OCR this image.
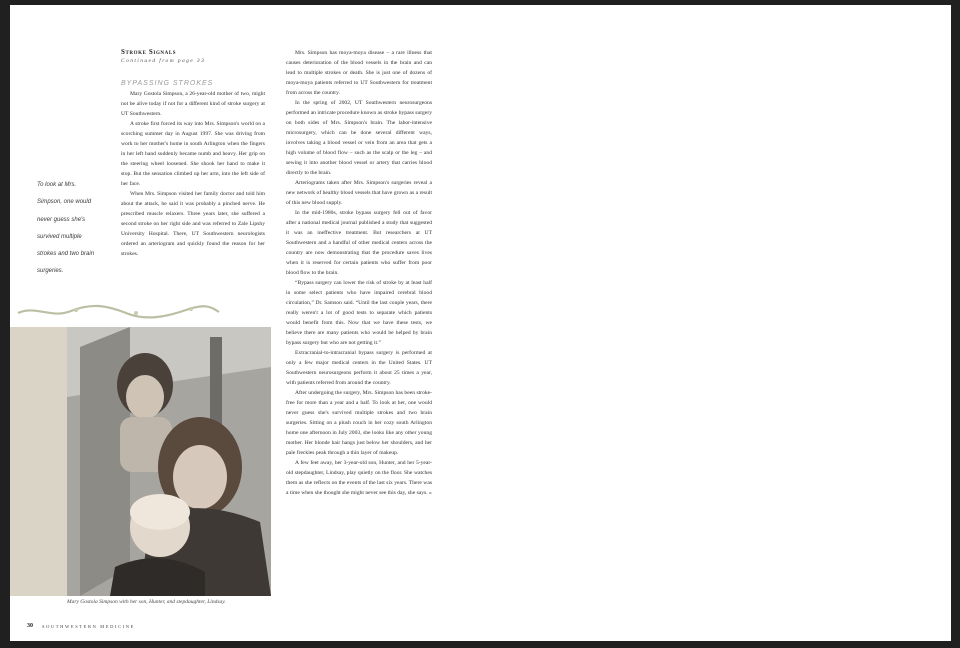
Stroke Signals
Continued from page 33
BYPASSING STROKES

Mary Gostola Simpson, a 26-year-old mother of two, might not be alive today if not for a different kind of stroke surgery at UT Southwestern.

A stroke first forced its way into Mrs. Simpson's world on a scorching summer day in August 1997. She was driving from work to her mother's home in south Arlington when the fingers in her left hand suddenly became numb and heavy. Her grip on the steering wheel loosened. She shook her hand to make it stop. But the sensation climbed up her arm, into the left side of her face.

When Mrs. Simpson visited her family doctor and told him about the attack, he said it was probably a pinched nerve. He prescribed muscle relaxers. Three years later, she suffered a second stroke on her right side and was referred to Zale Lipshy University Hospital. There, UT Southwestern neurologists ordered an arteriogram and quickly found the reason for her strokes.

To look at Mrs. Simpson, one would never guess she's survived multiple strokes and two brain surgeries.
Mary Gostola Simpson with her son, Hunter, and stepdaughter, Lindsay.

Mrs. Simpson has moya-moya disease – a rare illness that causes deterioration of the blood vessels in the brain and can lead to multiple strokes or death. She is just one of dozens of moya-moya patients referred to UT Southwestern for treatment from across the country.

In the spring of 2002, UT Southwestern neurosurgeons performed an intricate procedure known as stroke bypass surgery on both sides of Mrs. Simpson's brain. The labor-intensive microsurgery, which can be done several different ways, involves taking a blood vessel or vein from an area that gets a high volume of blood flow – such as the scalp or the leg – and sewing it into another blood vessel or artery that carries blood directly to the brain.

Arteriograms taken after Mrs. Simpson's surgeries reveal a new network of healthy blood vessels that have grown as a result of this new blood supply.

In the mid-1980s, stroke bypass surgery fell out of favor after a national medical journal published a study that suggested it was an ineffective treatment. But researchers at UT Southwestern and a handful of other medical centers across the country are now demonstrating that the procedure saves lives when it is reserved for certain patients who suffer from poor blood flow to the brain.

“Bypass surgery can lower the risk of stroke by at least half in some select patients who have impaired cerebral blood circulation,” Dr. Samson said. “Until the last couple years, there really weren't a lot of good tests to separate which patients would benefit from this. Now that we have these tests, we believe there are many patients who would be helped by brain bypass surgery but who are not getting it.”

Extracranial-to-intracranial bypass surgery is performed at only a few major medical centers in the United States. UT Southwestern neurosurgeons perform it about 25 times a year, with patients referred from around the country.

After undergoing the surgery, Mrs. Simpson has been stroke-free for more than a year and a half. To look at her, one would never guess she's survived multiple strokes and two brain surgeries. Sitting on a plush couch in her cozy south Arlington home one afternoon in July 2003, she looks like any other young mother. Her blonde hair hangs just below her shoulders, and her pale freckles peak through a thin layer of makeup.

A few feet away, her 3-year-old son, Hunter, and her 5-year-old stepdaughter, Lindsay, play quietly on the floor. She watches them as she reflects on the events of the last six years. There was a time when she thought she might never see this day, she says. »

30 SOUTHWESTERN MEDICINE
